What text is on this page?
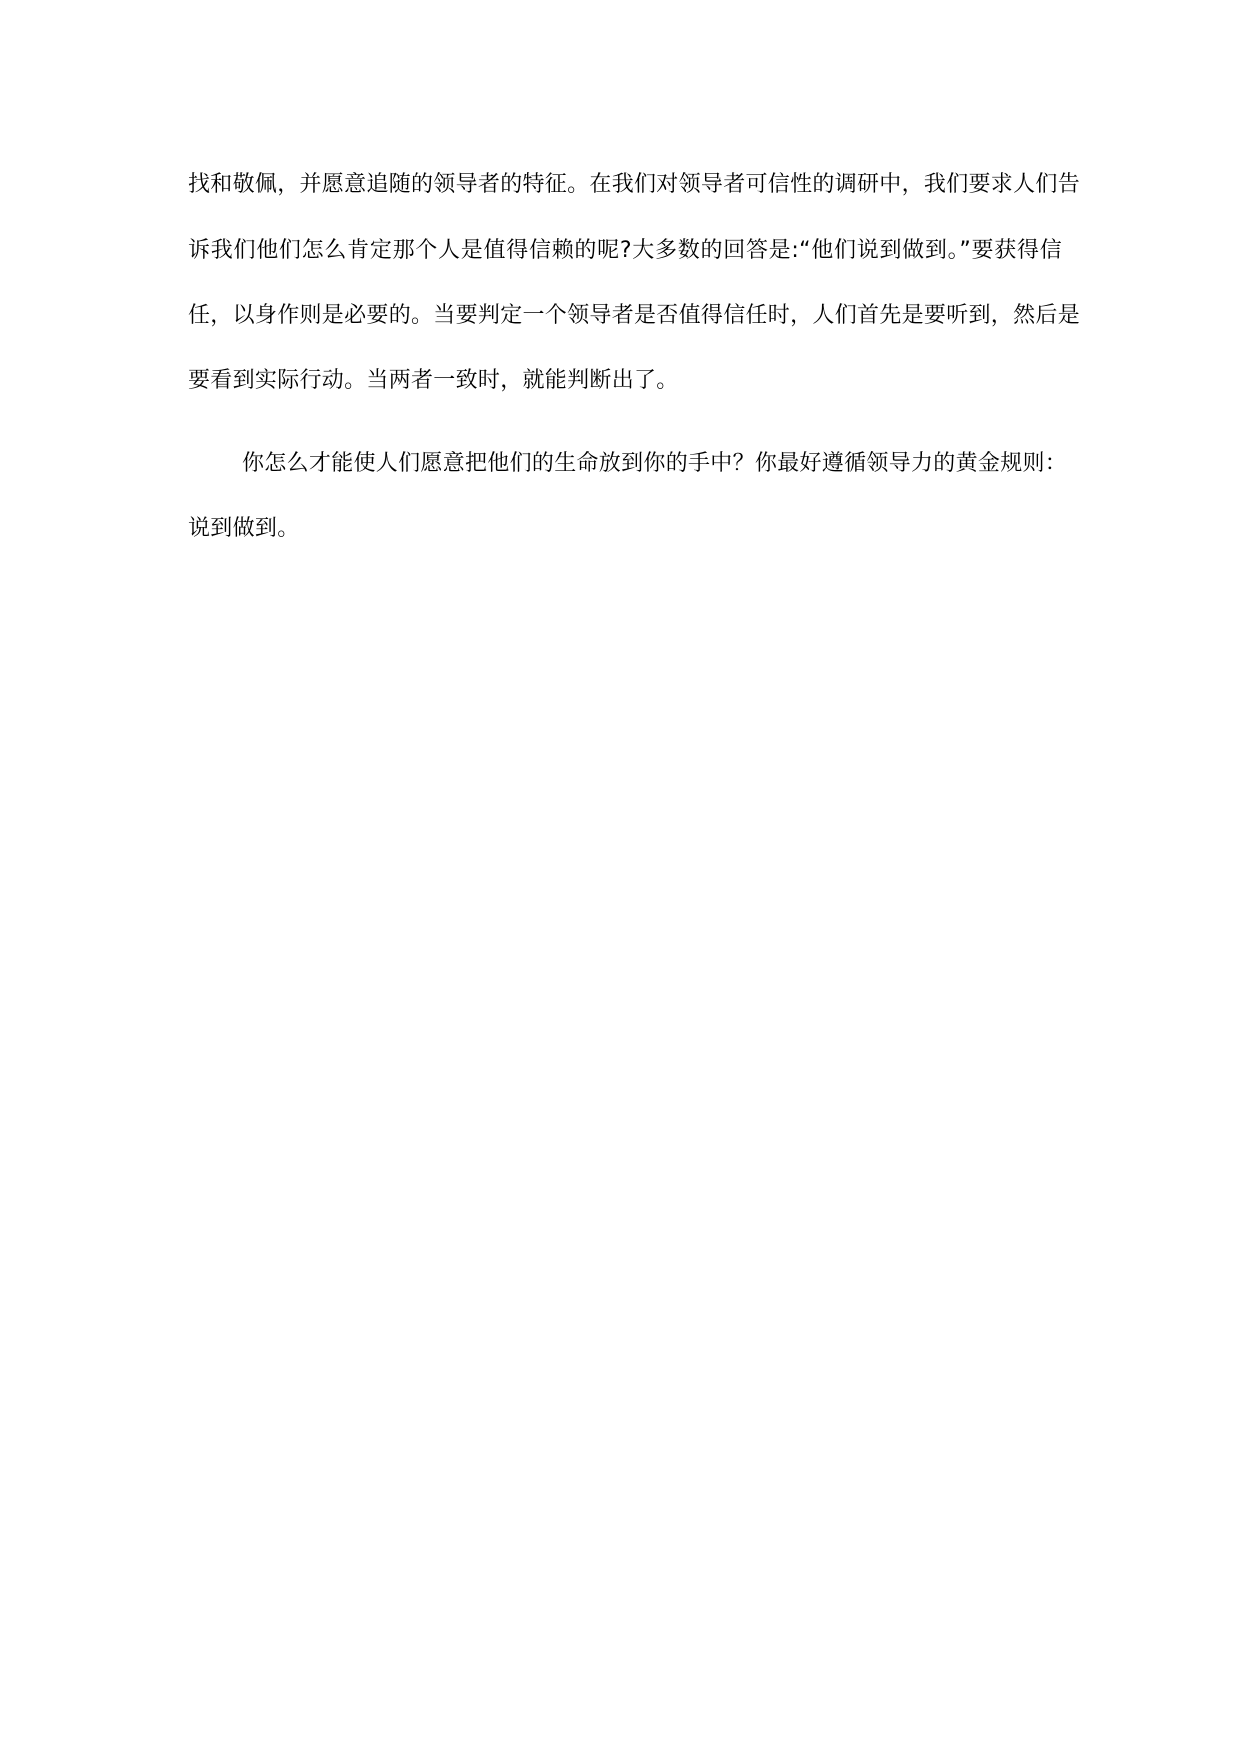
找和敬佩，并愿意追随的领导者的特征。在我们对领导者可信性的调研中，我们要求人们告
诉我们他们怎么肯定那个人是值得信赖的呢?大多数的回答是:“他们说到做到。”要获得信
任，以身作则是必要的。当要判定一个领导者是否值得信任时，人们首先是要听到，然后是
要看到实际行动。当两者一致时，就能判断出了。
你怎么才能使人们愿意把他们的生命放到你的手中？你最好遵循领导力的黄金规则：
说到做到。
